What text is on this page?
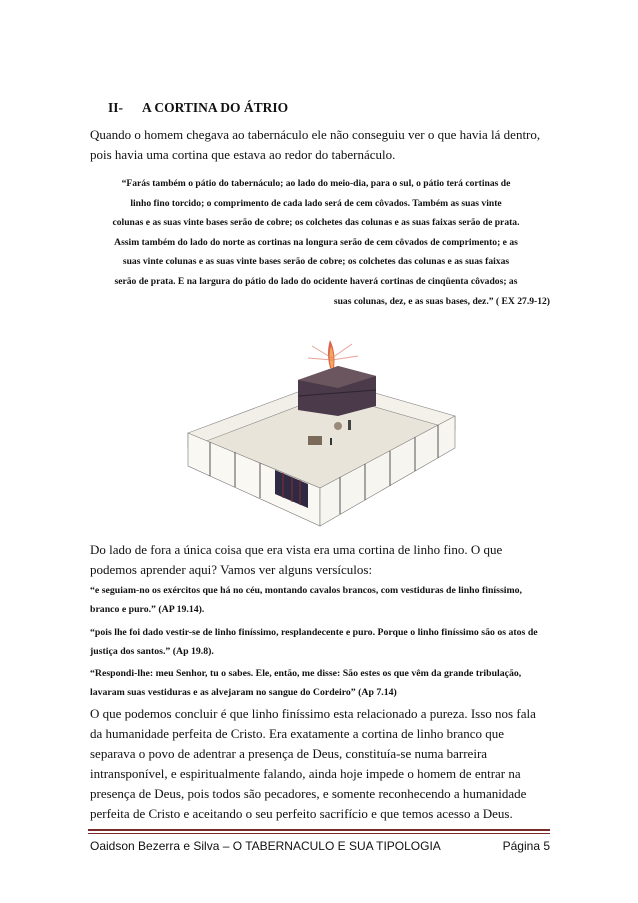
II- A CORTINA DO ÁTRIO
Quando o homem chegava ao tabernáculo ele não conseguiu ver o que havia lá dentro, pois havia uma cortina que estava ao redor do tabernáculo.
“Farás também o pátio do tabernáculo; ao lado do meio-dia, para o sul, o pátio terá cortinas de
linho fino torcido; o comprimento de cada lado será de cem côvados. Também as suas vinte
colunas e as suas vinte bases serão de cobre; os colchetes das colunas e as suas faixas serão de prata.
Assim também do lado do norte as cortinas na longura serão de cem côvados de comprimento; e as
suas vinte colunas e as suas vinte bases serão de cobre; os colchetes das colunas e as suas faixas
serão de prata. E na largura do pátio do lado do ocidente haverá cortinas de cinqüenta côvados; as
suas colunas, dez, e as suas bases, dez.” ( EX 27.9-12)
Do lado de fora a única coisa que era vista era uma cortina de linho fino. O que podemos aprender aqui? Vamos ver alguns versículos:
“e seguiam-no os exércitos que há no céu, montando cavalos brancos, com vestiduras de linho finíssimo, branco e puro.” (AP 19.14).
“pois lhe foi dado vestir-se de linho finíssimo, resplandecente e puro. Porque o linho finíssimo são os atos de justiça dos santos.” (Ap 19.8).
“Respondi-lhe: meu Senhor, tu o sabes. Ele, então, me disse: São estes os que vêm da grande tribulação, lavaram suas vestiduras e as alvejaram no sangue do Cordeiro” (Ap 7.14)
O que podemos concluir é que linho finíssimo esta relacionado a pureza. Isso nos fala da humanidade perfeita de Cristo. Era exatamente a cortina de linho branco que separava o povo de adentrar a presença de Deus, constituía-se numa barreira intransponível, e espiritualmente falando, ainda hoje impede o homem de entrar na presença de Deus, pois todos são pecadores, e somente reconhecendo a humanidade perfeita de Cristo e aceitando o seu perfeito sacrifício e que temos acesso a Deus.
Oaidson Bezerra e Silva – O TABERNACULO E SUA TIPOLOGIA	Página 5
